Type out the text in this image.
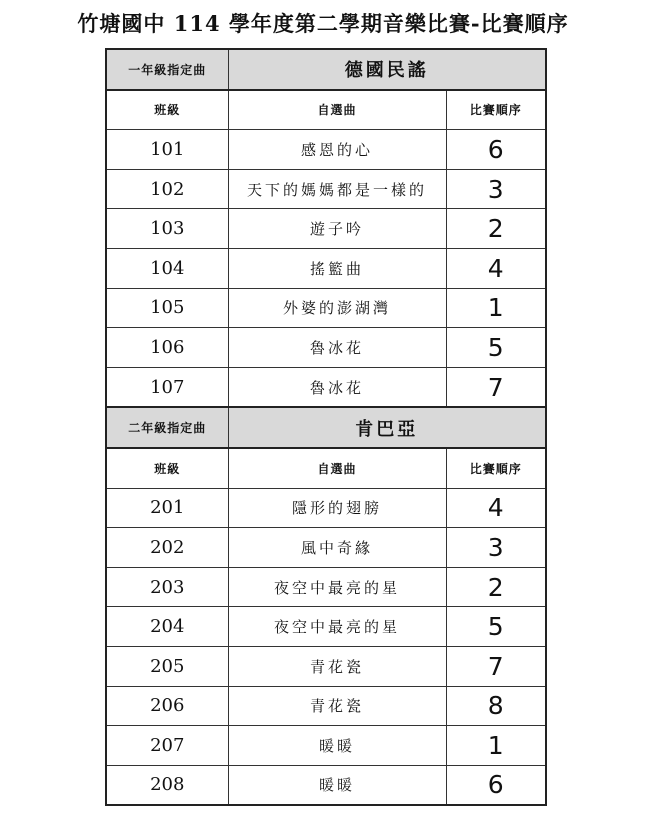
竹塘國中 114 學年度第二學期音樂比賽-比賽順序
一年級指定曲	德國民謠	
班級	自選曲	比賽順序
101	感恩的心	6
102	天下的媽媽都是一樣的	3
103	遊子吟	2
104	搖籃曲	4
105	外婆的澎湖灣	1
106	魯冰花	5
107	魯冰花	7
二年級指定曲	肯巴亞	
班級	自選曲	比賽順序
201	隱形的翅膀	4
202	風中奇緣	3
203	夜空中最亮的星	2
204	夜空中最亮的星	5
205	青花瓷	7
206	青花瓷	8
207	暖暖	1
208	暖暖	6
